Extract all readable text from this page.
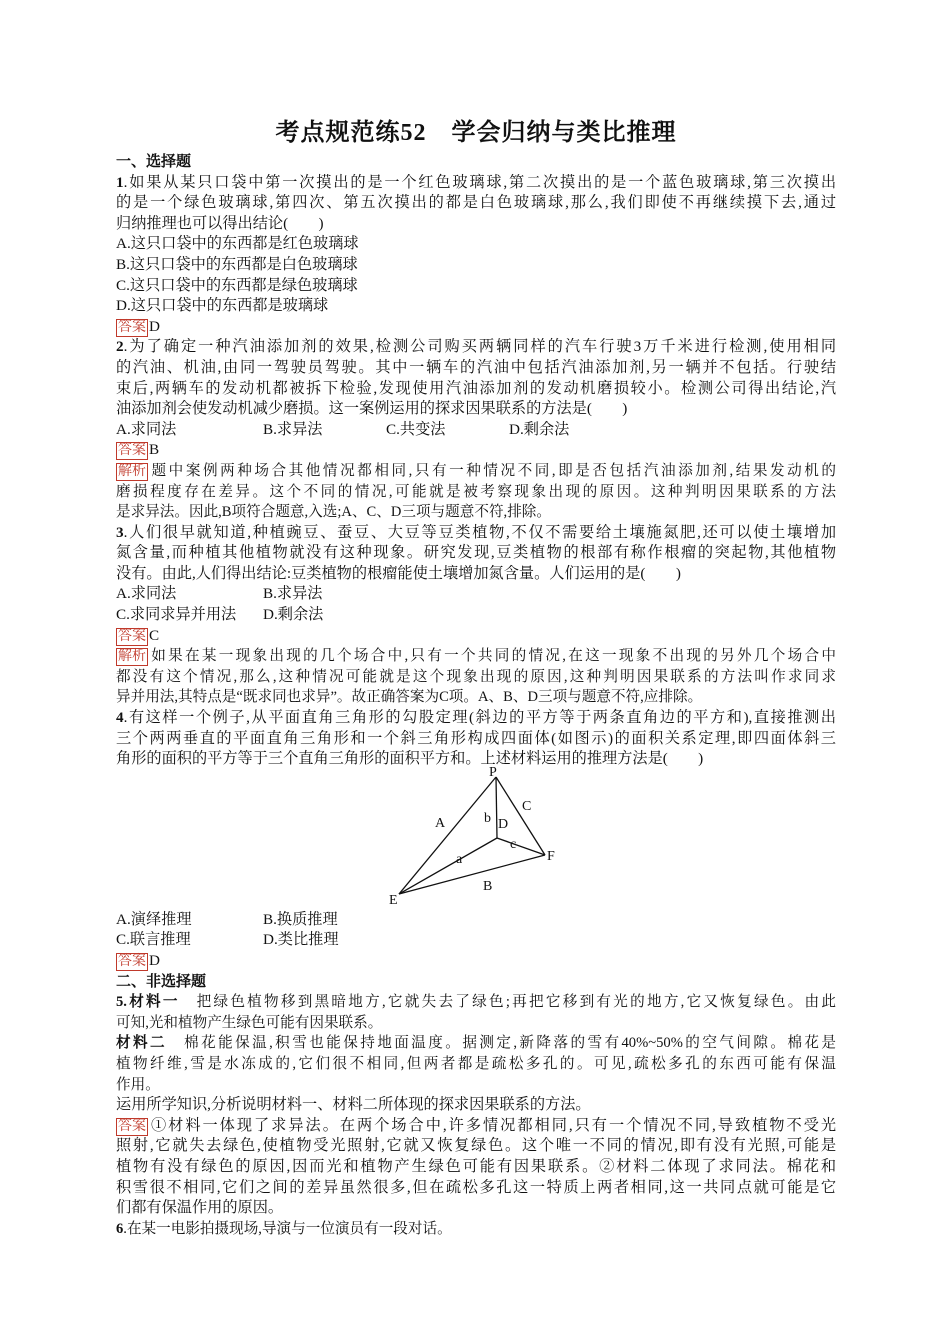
考点规范练52　学会归纳与类比推理
一、选择题
1.如果从某只口袋中第一次摸出的是一个红色玻璃球,第二次摸出的是一个蓝色玻璃球,第三次摸出
的是一个绿色玻璃球,第四次、第五次摸出的都是白色玻璃球,那么,我们即使不再继续摸下去,通过
归纳推理也可以得出结论(　　)
A.这只口袋中的东西都是红色玻璃球
B.这只口袋中的东西都是白色玻璃球
C.这只口袋中的东西都是绿色玻璃球
D.这只口袋中的东西都是玻璃球
答案 D
2.为了确定一种汽油添加剂的效果,检测公司购买两辆同样的汽车行驶3万千米进行检测,使用相同
的汽油、机油,由同一驾驶员驾驶。其中一辆车的汽油中包括汽油添加剂,另一辆并不包括。行驶结
束后,两辆车的发动机都被拆下检验,发现使用汽油添加剂的发动机磨损较小。检测公司得出结论,汽
油添加剂会使发动机减少磨损。这一案例运用的探求因果联系的方法是(　　)
A.求同法	B.求异法	C.共变法	D.剩余法
答案 B
解析 题中案例两种场合其他情况都相同,只有一种情况不同,即是否包括汽油添加剂,结果发动机的
磨损程度存在差异。这个不同的情况,可能就是被考察现象出现的原因。这种判明因果联系的方法
是求异法。因此,B项符合题意,入选;A、C、D三项与题意不符,排除。
3.人们很早就知道,种植豌豆、蚕豆、大豆等豆类植物,不仅不需要给土壤施氮肥,还可以使土壤增加
氮含量,而种植其他植物就没有这种现象。研究发现,豆类植物的根部有称作根瘤的突起物,其他植物
没有。由此,人们得出结论:豆类植物的根瘤能使土壤增加氮含量。人们运用的是(　　)
A.求同法	B.求异法
C.求同求异并用法	D.剩余法
答案 C
解析 如果在某一现象出现的几个场合中,只有一个共同的情况,在这一现象不出现的另外几个场合中
都没有这个情况,那么,这种情况可能就是这个现象出现的原因,这种判明因果联系的方法叫作求同求
异并用法,其特点是“既求同也求异”。故正确答案为C项。A、B、D三项与题意不符,应排除。
4.有这样一个例子,从平面直角三角形的勾股定理(斜边的平方等于两条直角边的平方和),直接推测出
三个两两垂直的平面直角三角形和一个斜三角形构成四面体(如图示)的面积关系定理,即四面体斜三
角形的面积的平方等于三个直角三角形的面积平方和。上述材料运用的推理方法是(　　)
P
A	b D
C
c
a	F
E
B
A.演绎推理	B.换质推理
C.联言推理	D.类比推理
答案 D
二、非选择题
5.材料一　把绿色植物移到黑暗地方,它就失去了绿色;再把它移到有光的地方,它又恢复绿色。由此
可知,光和植物产生绿色可能有因果联系。
材料二　棉花能保温,积雪也能保持地面温度。据测定,新降落的雪有40%~50%的空气间隙。棉花是
植物纤维,雪是水冻成的,它们很不相同,但两者都是疏松多孔的。可见,疏松多孔的东西可能有保温
作用。
运用所学知识,分析说明材料一、材料二所体现的探求因果联系的方法。
答案 ①材料一体现了求异法。在两个场合中,许多情况都相同,只有一个情况不同,导致植物不受光
照射,它就失去绿色,使植物受光照射,它就又恢复绿色。这个唯一不同的情况,即有没有光照,可能是
植物有没有绿色的原因,因而光和植物产生绿色可能有因果联系。②材料二体现了求同法。棉花和
积雪很不相同,它们之间的差异虽然很多,但在疏松多孔这一特质上两者相同,这一共同点就可能是它
们都有保温作用的原因。
6.在某一电影拍摄现场,导演与一位演员有一段对话。
